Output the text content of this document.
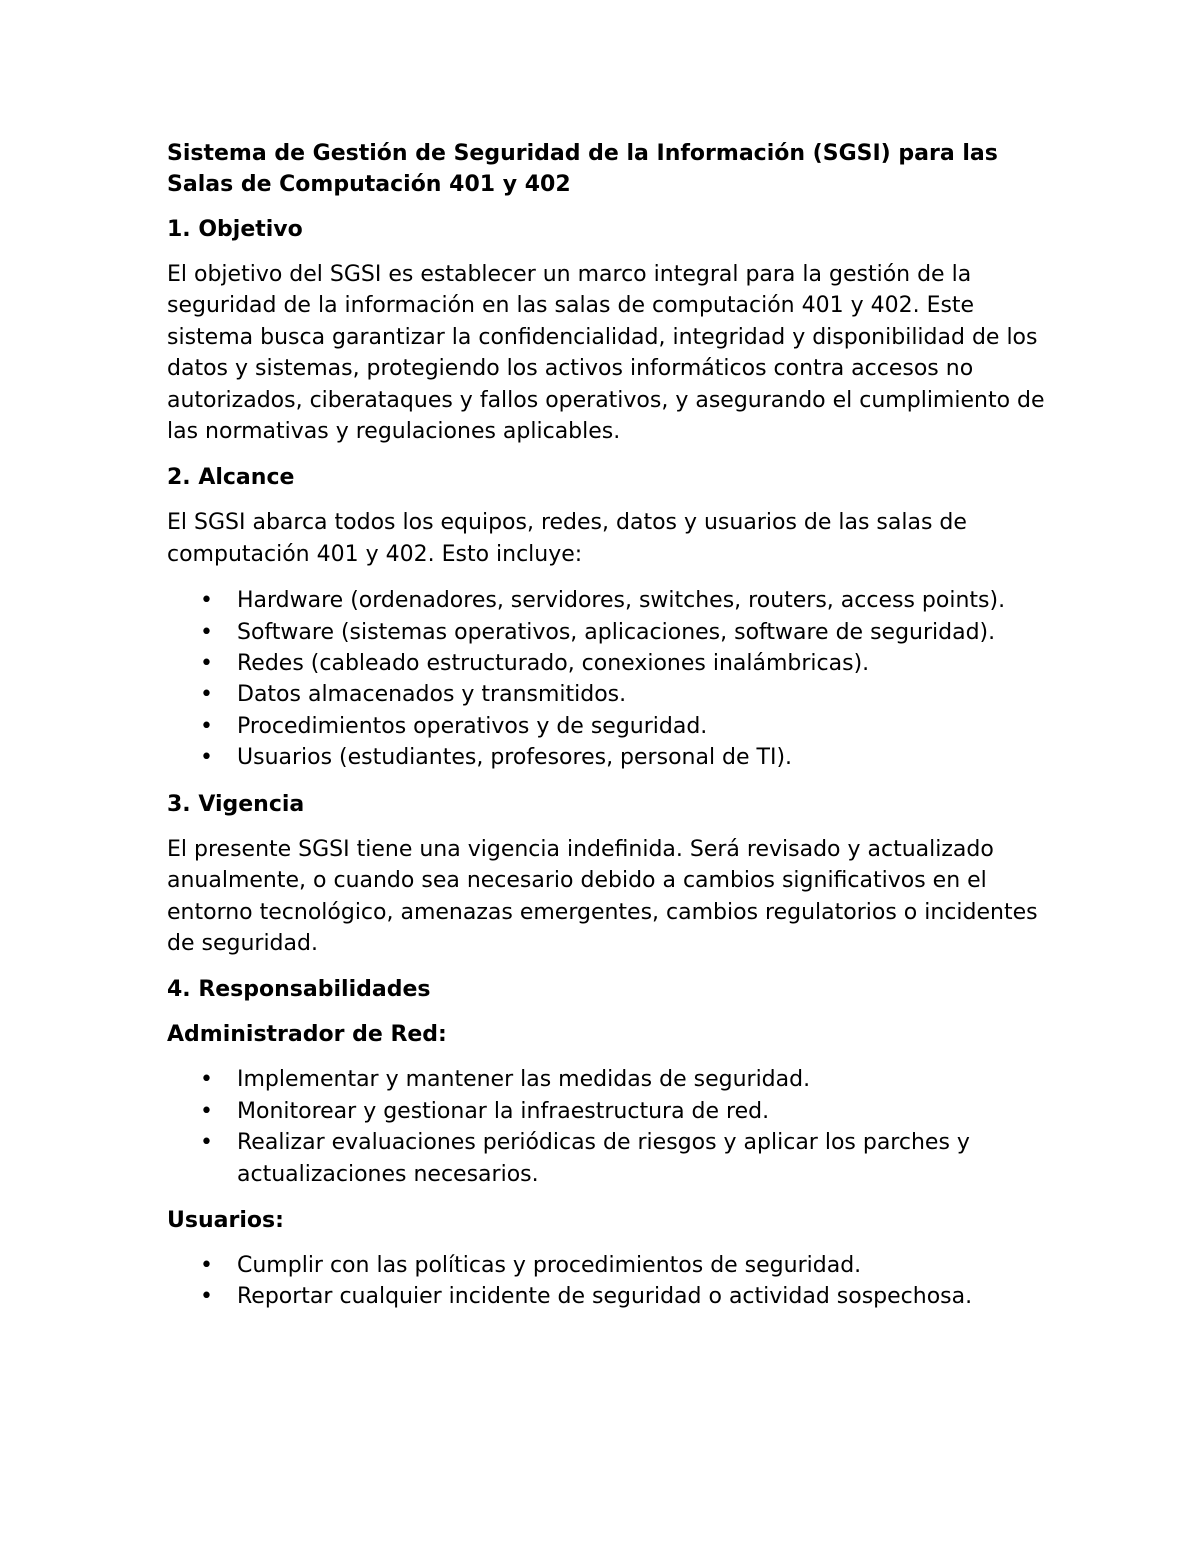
Sistema de Gestión de Seguridad de la Información (SGSI) para las Salas de Computación 401 y 402
1. Objetivo

El objetivo del SGSI es establecer un marco integral para la gestión de la seguridad de la información en las salas de computación 401 y 402. Este sistema busca garantizar la confidencialidad, integridad y disponibilidad de los datos y sistemas, protegiendo los activos informáticos contra accesos no autorizados, ciberataques y fallos operativos, y asegurando el cumplimiento de las normativas y regulaciones aplicables.

2. Alcance

El SGSI abarca todos los equipos, redes, datos y usuarios de las salas de computación 401 y 402. Esto incluye:

• Hardware (ordenadores, servidores, switches, routers, access points).
• Software (sistemas operativos, aplicaciones, software de seguridad).
• Redes (cableado estructurado, conexiones inalámbricas).
• Datos almacenados y transmitidos.
• Procedimientos operativos y de seguridad.
• Usuarios (estudiantes, profesores, personal de TI).
3. Vigencia

El presente SGSI tiene una vigencia indefinida. Será revisado y actualizado anualmente, o cuando sea necesario debido a cambios significativos en el entorno tecnológico, amenazas emergentes, cambios regulatorios o incidentes de seguridad.

4. Responsabilidades
Administrador de Red:
• Implementar y mantener las medidas de seguridad.
• Monitorear y gestionar la infraestructura de red.
• Realizar evaluaciones periódicas de riesgos y aplicar los parches y actualizaciones necesarios.
Usuarios:
• Cumplir con las políticas y procedimientos de seguridad.
• Reportar cualquier incidente de seguridad o actividad sospechosa.
